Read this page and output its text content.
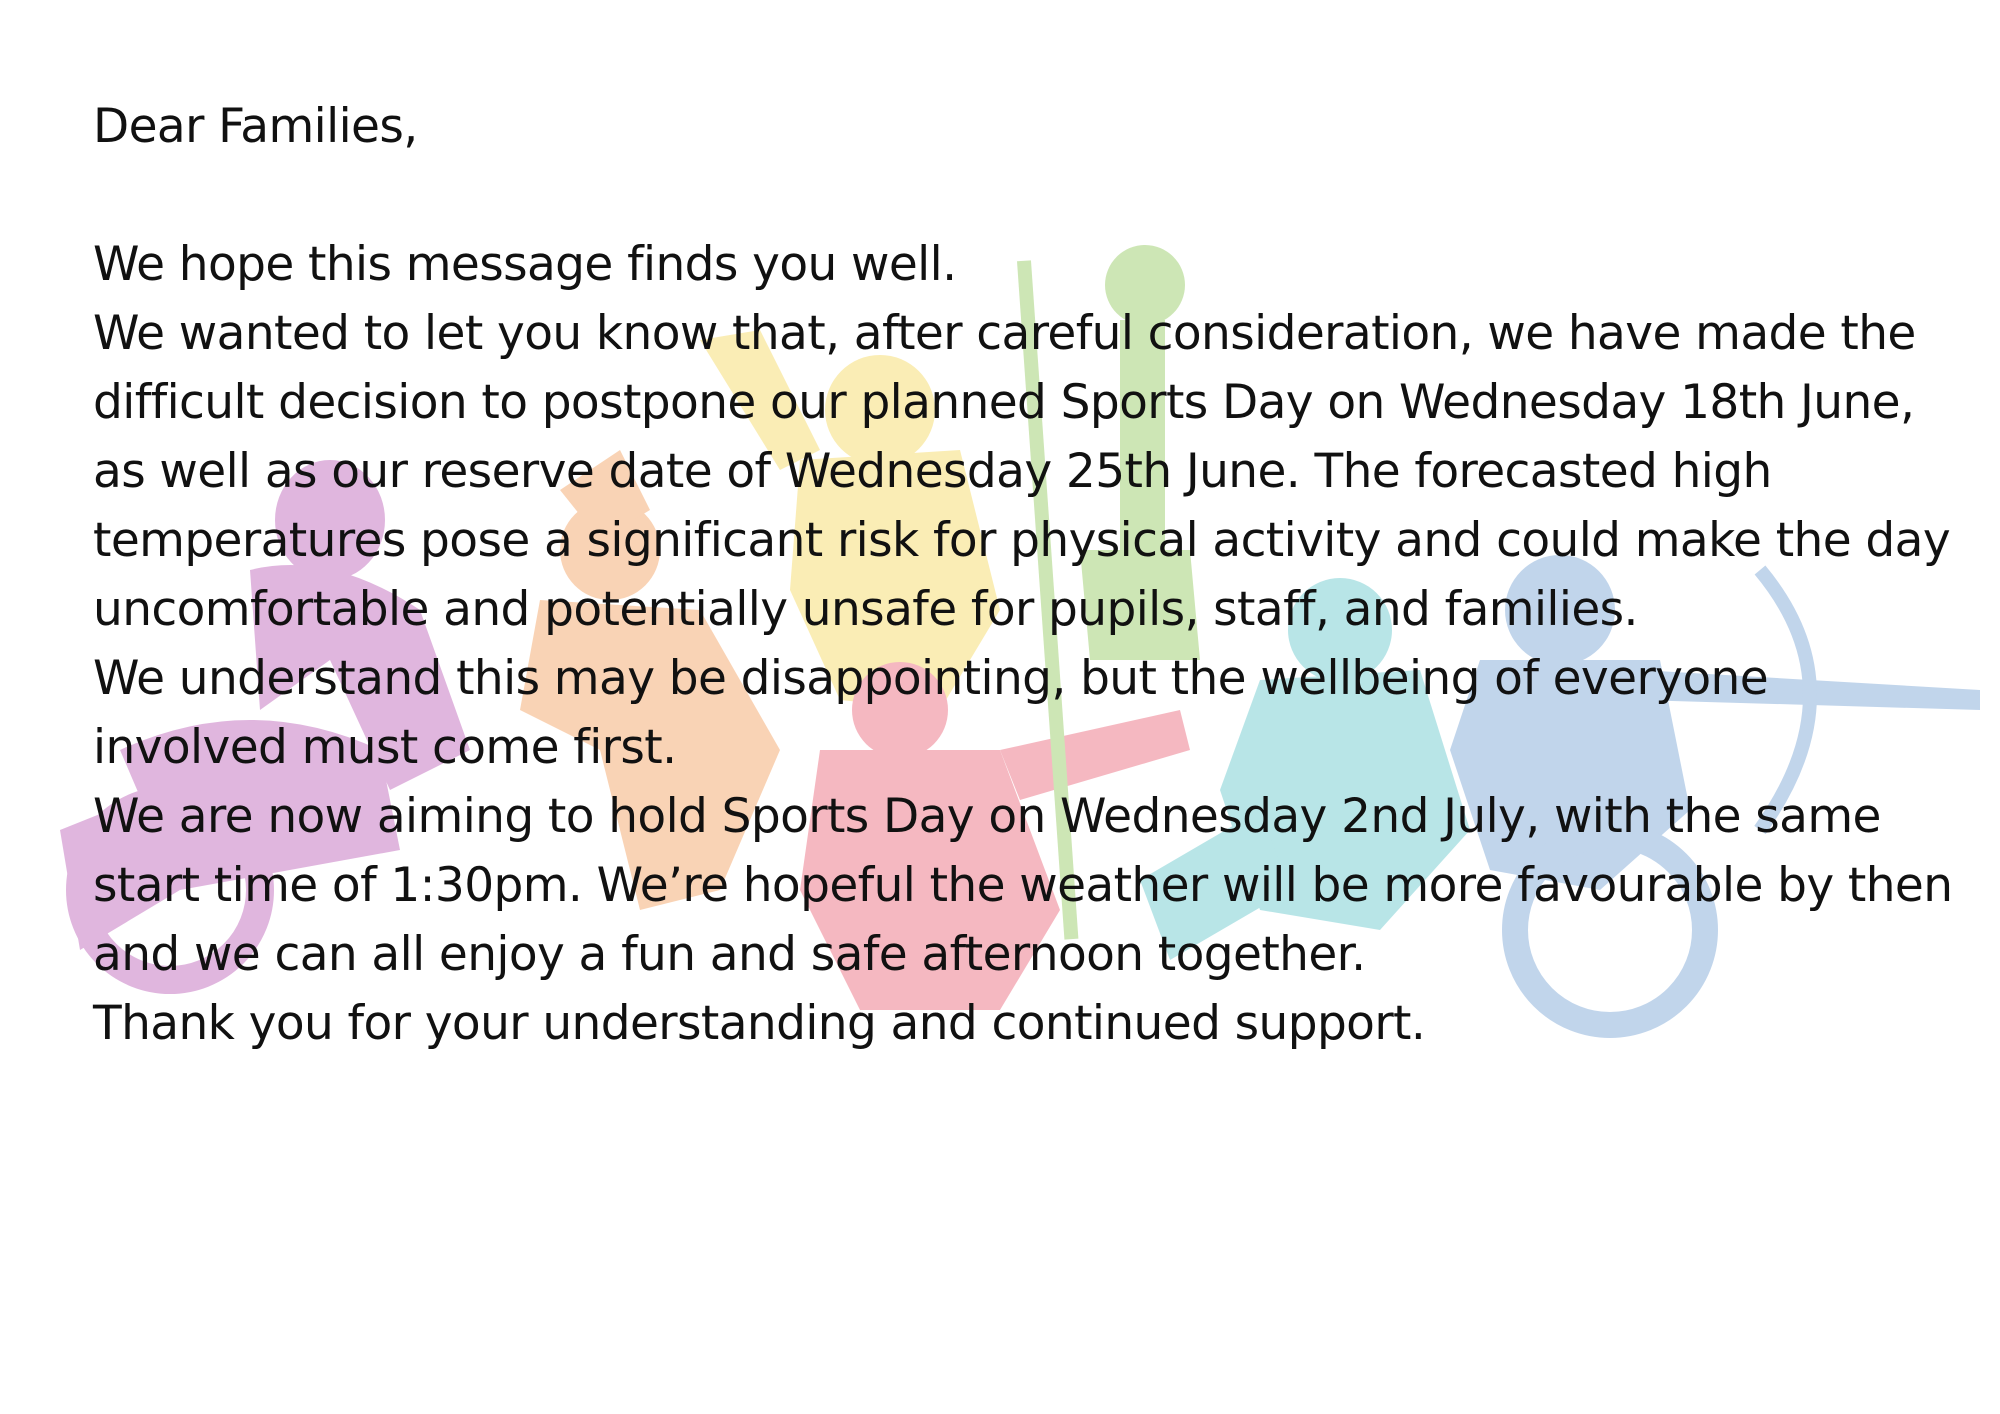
Dear Families,

We hope this message finds you well.

We wanted to let you know that, after careful consideration, we have made the difficult decision to postpone our planned Sports Day on Wednesday 18th June, as well as our reserve date of Wednesday 25th June. The forecasted high temperatures pose a significant risk for physical activity and could make the day uncomfortable and potentially unsafe for pupils, staff, and families.

We understand this may be disappointing, but the wellbeing of everyone involved must come first.

We are now aiming to hold Sports Day on Wednesday 2nd July, with the same start time of 1:30pm. We’re hopeful the weather will be more favourable by then and we can all enjoy a fun and safe afternoon together.

Thank you for your understanding and continued support.
